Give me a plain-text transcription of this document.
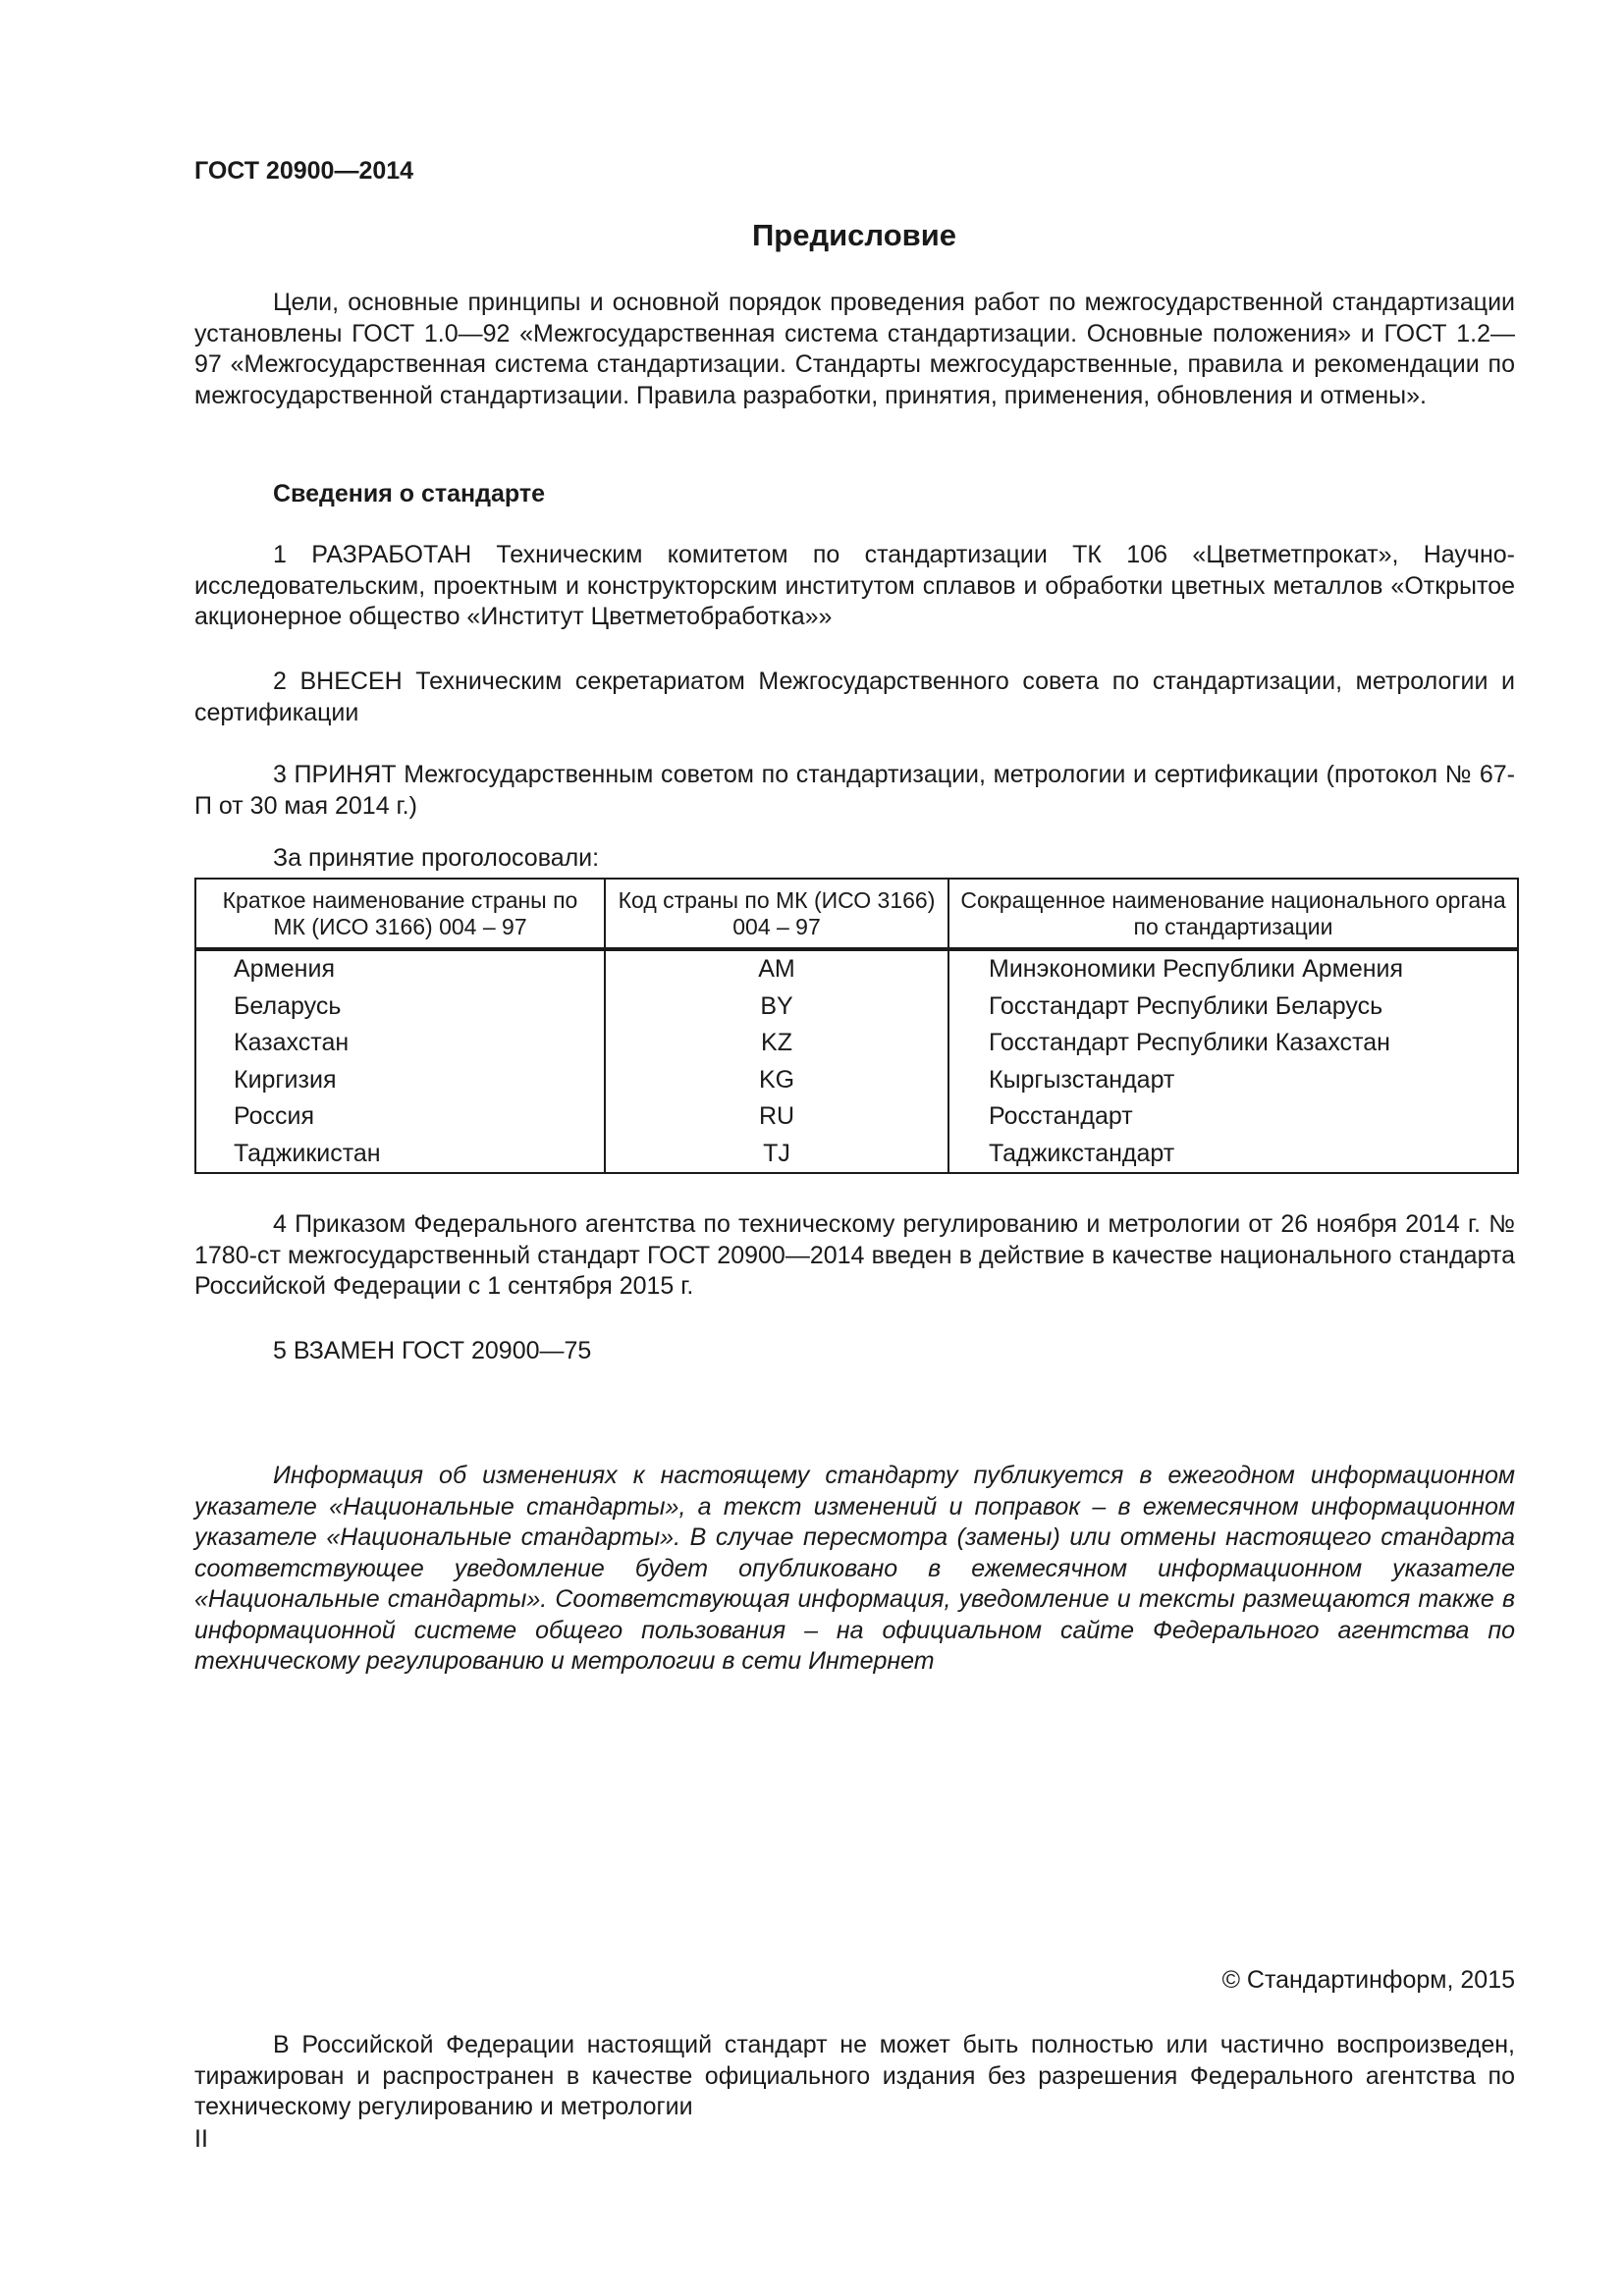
ГОСТ 20900—2014
Предисловие

Цели, основные принципы и основной порядок проведения работ по межгосударственной стандартизации установлены ГОСТ 1.0—92 «Межгосударственная система стандартизации. Основные положения» и ГОСТ 1.2—97 «Межгосударственная система стандартизации. Стандарты межгосударственные, правила и рекомендации по межгосударственной стандартизации. Правила разработки, принятия, применения, обновления и отмены».

Сведения о стандарте

1 РАЗРАБОТАН Техническим комитетом по стандартизации ТК 106 «Цветметпрокат», Научно-исследовательским, проектным и конструкторским институтом сплавов и обработки цветных металлов «Открытое акционерное общество «Институт Цветметобработка»»

2 ВНЕСЕН Техническим секретариатом Межгосударственного совета по стандартизации, метрологии и сертификации

3 ПРИНЯТ Межгосударственным советом по стандартизации, метрологии и сертификации (протокол № 67-П от 30 мая 2014 г.)

За принятие проголосовали:
Краткое наименование страны по МК (ИСО 3166) 004 – 97	Код страны по МК (ИСО 3166) 004 – 97	Сокращенное наименование национального органа по стандартизации
Армения	AM	Минэкономики Республики Армения
Беларусь	BY	Госстандарт Республики Беларусь
Казахстан	KZ	Госстандарт Республики Казахстан
Киргизия	KG	Кыргызстандарт
Россия	RU	Росстандарт
Таджикистан	TJ	Таджикстандарт

4 Приказом Федерального агентства по техническому регулированию и метрологии от 26 ноября 2014 г. № 1780-ст межгосударственный стандарт ГОСТ 20900—2014 введен в действие в качестве национального стандарта Российской Федерации с 1 сентября 2015 г.

5 ВЗАМЕН ГОСТ 20900—75

Информация об изменениях к настоящему стандарту публикуется в ежегодном информационном указателе «Национальные стандарты», а текст изменений и поправок – в ежемесячном информационном указателе «Национальные стандарты». В случае пересмотра (замены) или отмены настоящего стандарта соответствующее уведомление будет опубликовано в ежемесячном информационном указателе «Национальные стандарты». Соответствующая информация, уведомление и тексты размещаются также в информационной системе общего пользования – на официальном сайте Федерального агентства по техническому регулированию и метрологии в сети Интернет

© Стандартинформ, 2015

В Российской Федерации настоящий стандарт не может быть полностью или частично воспроизведен, тиражирован и распространен в качестве официального издания без разрешения Федерального агентства по техническому регулированию и метрологии

II
